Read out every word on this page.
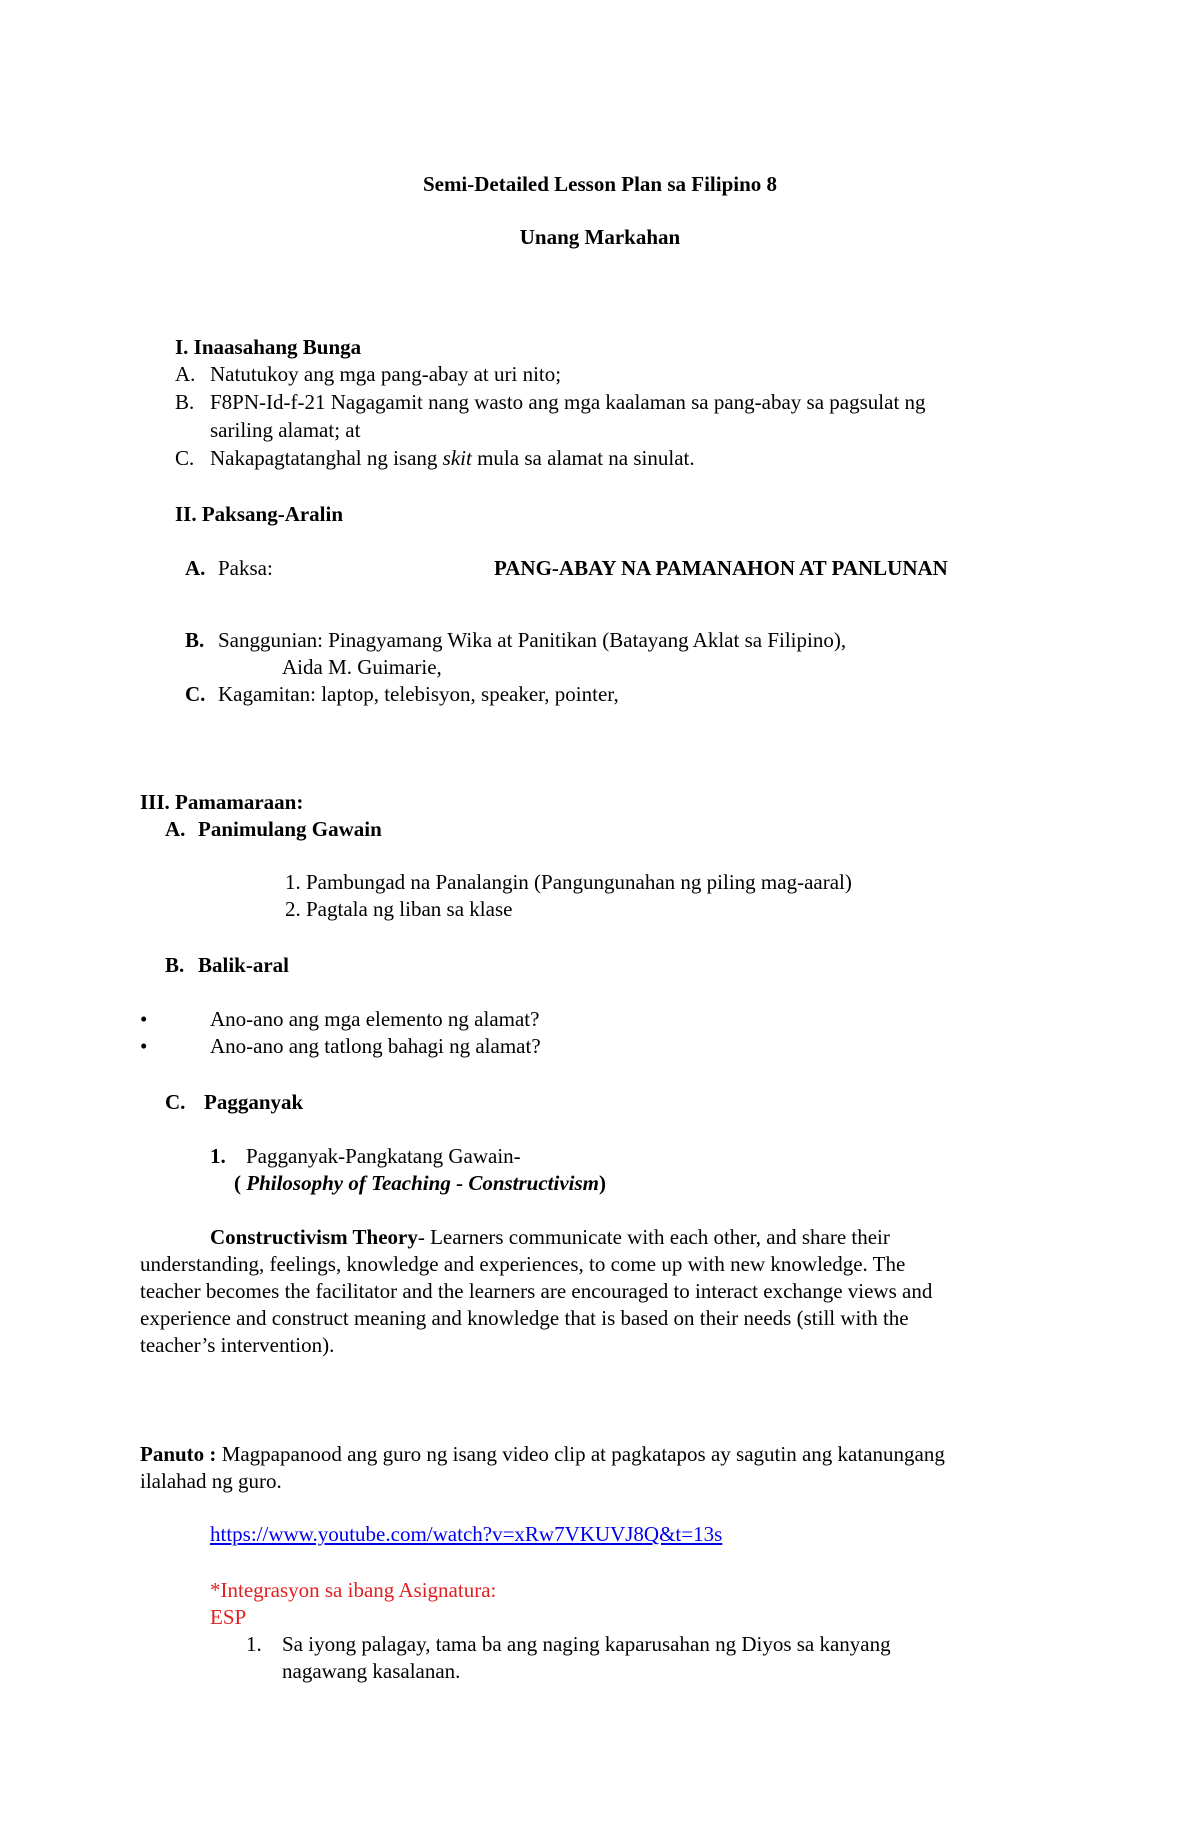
Semi-Detailed Lesson Plan sa Filipino 8
Unang Markahan
I. Inaasahang Bunga
A. Natutukoy ang mga pang-abay at uri nito;
B. F8PN-Id-f-21 Nagagamit nang wasto ang mga kaalaman sa pang-abay sa pagsulat ng
sariling alamat; at
C. Nakapagtatanghal ng isang skit mula sa alamat na sinulat.
II. Paksang-Aralin
A. Paksa:	PANG-ABAY NA PAMANAHON AT PANLUNAN
B. Sanggunian: Pinagyamang Wika at Panitikan (Batayang Aklat sa Filipino),
Aida M. Guimarie,
C. Kagamitan: laptop, telebisyon, speaker, pointer,
III. Pamamaraan:
A. Panimulang Gawain
1. Pambungad na Panalangin (Pangungunahan ng piling mag-aaral)
2. Pagtala ng liban sa klase
B. Balik-aral
•	Ano-ano ang mga elemento ng alamat?
•	Ano-ano ang tatlong bahagi ng alamat?
C. Pagganyak
1. Pagganyak-Pangkatang Gawain-
( Philosophy of Teaching - Constructivism)
Constructivism Theory- Learners communicate with each other, and share their
understanding, feelings, knowledge and experiences, to come up with new knowledge. The
teacher becomes the facilitator and the learners are encouraged to interact exchange views and
experience and construct meaning and knowledge that is based on their needs (still with the
teacher’s intervention).
Panuto : Magpapanood ang guro ng isang video clip at pagkatapos ay sagutin ang katanungang
ilalahad ng guro.
https://www.youtube.com/watch?v=xRw7VKUVJ8Q&t=13s
*Integrasyon sa ibang Asignatura:
ESP
1. Sa iyong palagay, tama ba ang naging kaparusahan ng Diyos sa kanyang
nagawang kasalanan.
